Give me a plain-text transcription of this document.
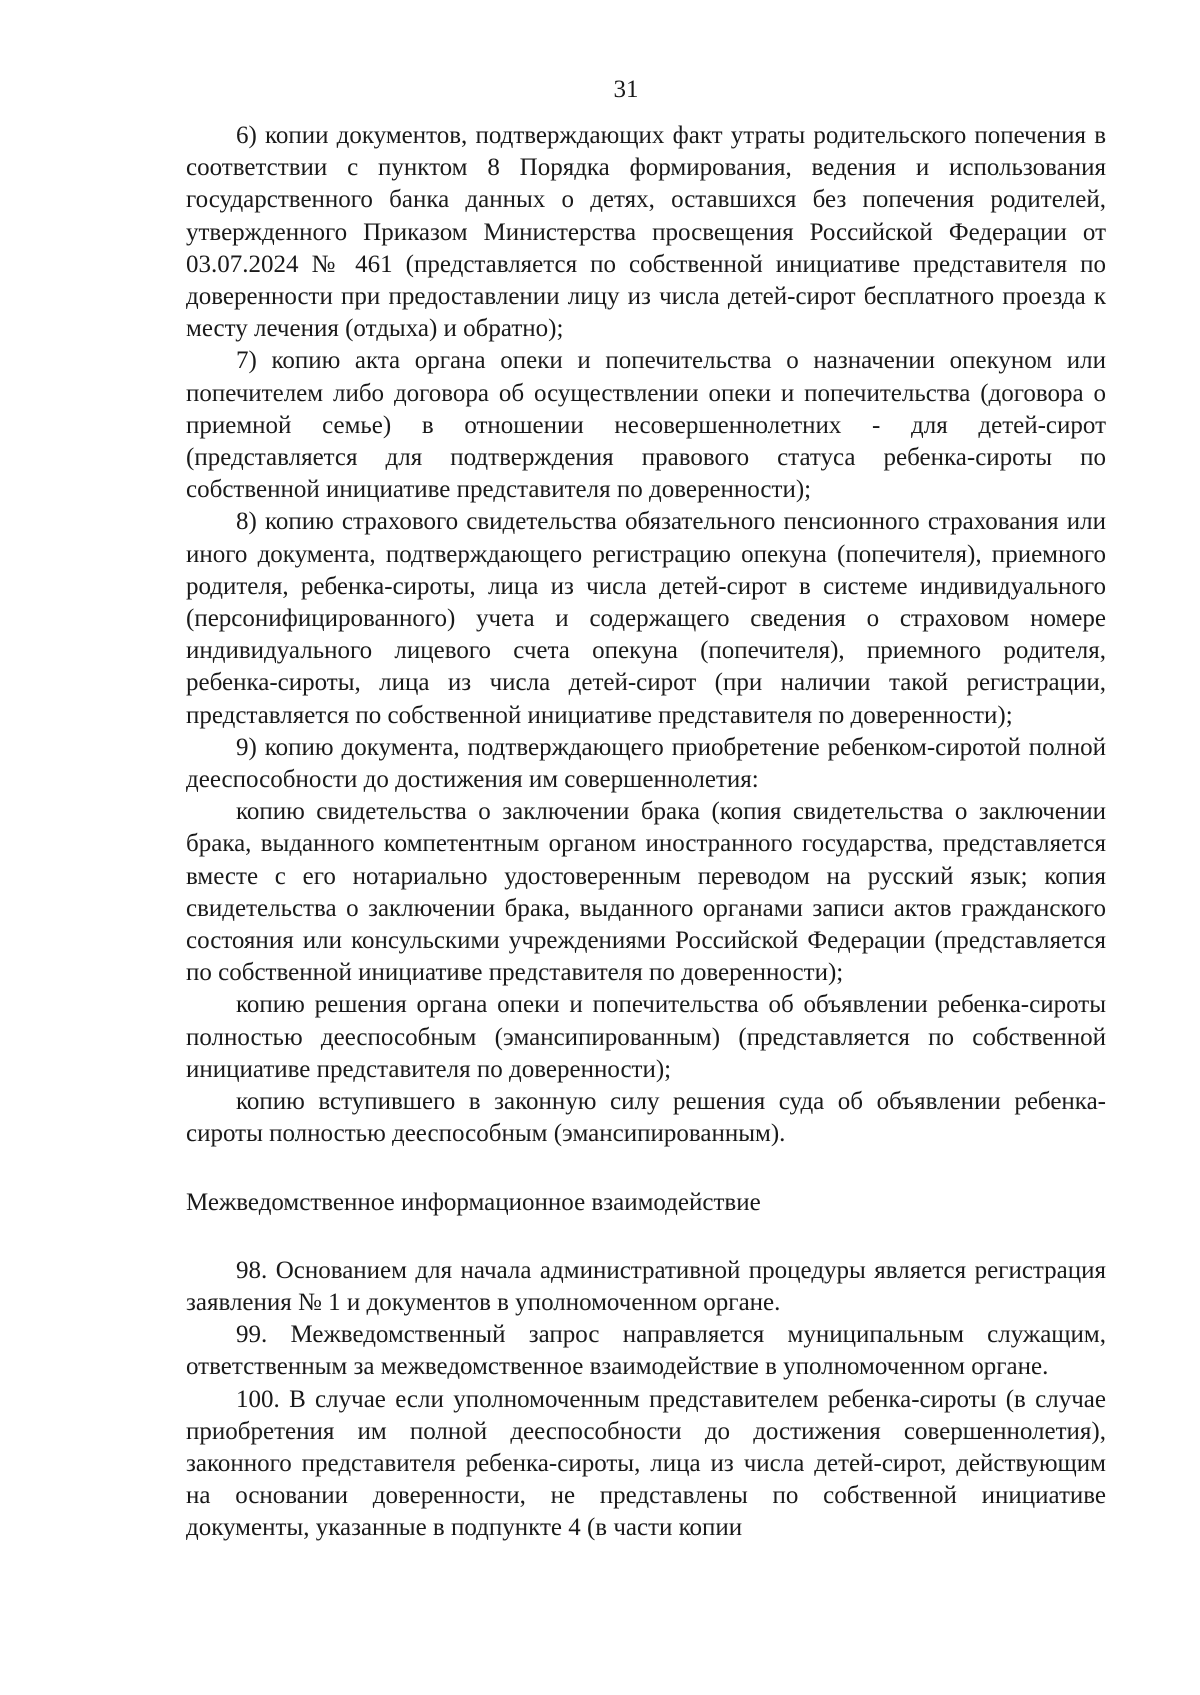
31

6) копии документов, подтверждающих факт утраты родительского попечения в соответствии с пунктом 8 Порядка формирования, ведения и использования государственного банка данных о детях, оставшихся без попечения родителей, утвержденного Приказом Министерства просвещения Российской Федерации от 03.07.2024 № 461 (представляется по собственной инициативе представителя по доверенности при предоставлении лицу из числа детей-сирот бесплатного проезда к месту лечения (отдыха) и обратно);

7) копию акта органа опеки и попечительства о назначении опекуном или попечителем либо договора об осуществлении опеки и попечительства (договора о приемной семье) в отношении несовершеннолетних - для детей-сирот (представляется для подтверждения правового статуса ребенка-сироты по собственной инициативе представителя по доверенности);

8) копию страхового свидетельства обязательного пенсионного страхования или иного документа, подтверждающего регистрацию опекуна (попечителя), приемного родителя, ребенка-сироты, лица из числа детей-сирот в системе индивидуального (персонифицированного) учета и содержащего сведения о страховом номере индивидуального лицевого счета опекуна (попечителя), приемного родителя, ребенка-сироты, лица из числа детей-сирот (при наличии такой регистрации, представляется по собственной инициативе представителя по доверенности);

9) копию документа, подтверждающего приобретение ребенком-сиротой полной дееспособности до достижения им совершеннолетия:

копию свидетельства о заключении брака (копия свидетельства о заключении брака, выданного компетентным органом иностранного государства, представляется вместе с его нотариально удостоверенным переводом на русский язык; копия свидетельства о заключении брака, выданного органами записи актов гражданского состояния или консульскими учреждениями Российской Федерации (представляется по собственной инициативе представителя по доверенности);

копию решения органа опеки и попечительства об объявлении ребенка-сироты полностью дееспособным (эмансипированным) (представляется по собственной инициативе представителя по доверенности);

копию вступившего в законную силу решения суда об объявлении ребенка-сироты полностью дееспособным (эмансипированным).

Межведомственное информационное взаимодействие

98. Основанием для начала административной процедуры является регистрация заявления № 1 и документов в уполномоченном органе.

99. Межведомственный запрос направляется муниципальным служащим, ответственным за межведомственное взаимодействие в уполномоченном органе.

100. В случае если уполномоченным представителем ребенка-сироты (в случае приобретения им полной дееспособности до достижения совершеннолетия), законного представителя ребенка-сироты, лица из числа детей-сирот, действующим на основании доверенности, не представлены по собственной инициативе документы, указанные в подпункте 4 (в части копии
